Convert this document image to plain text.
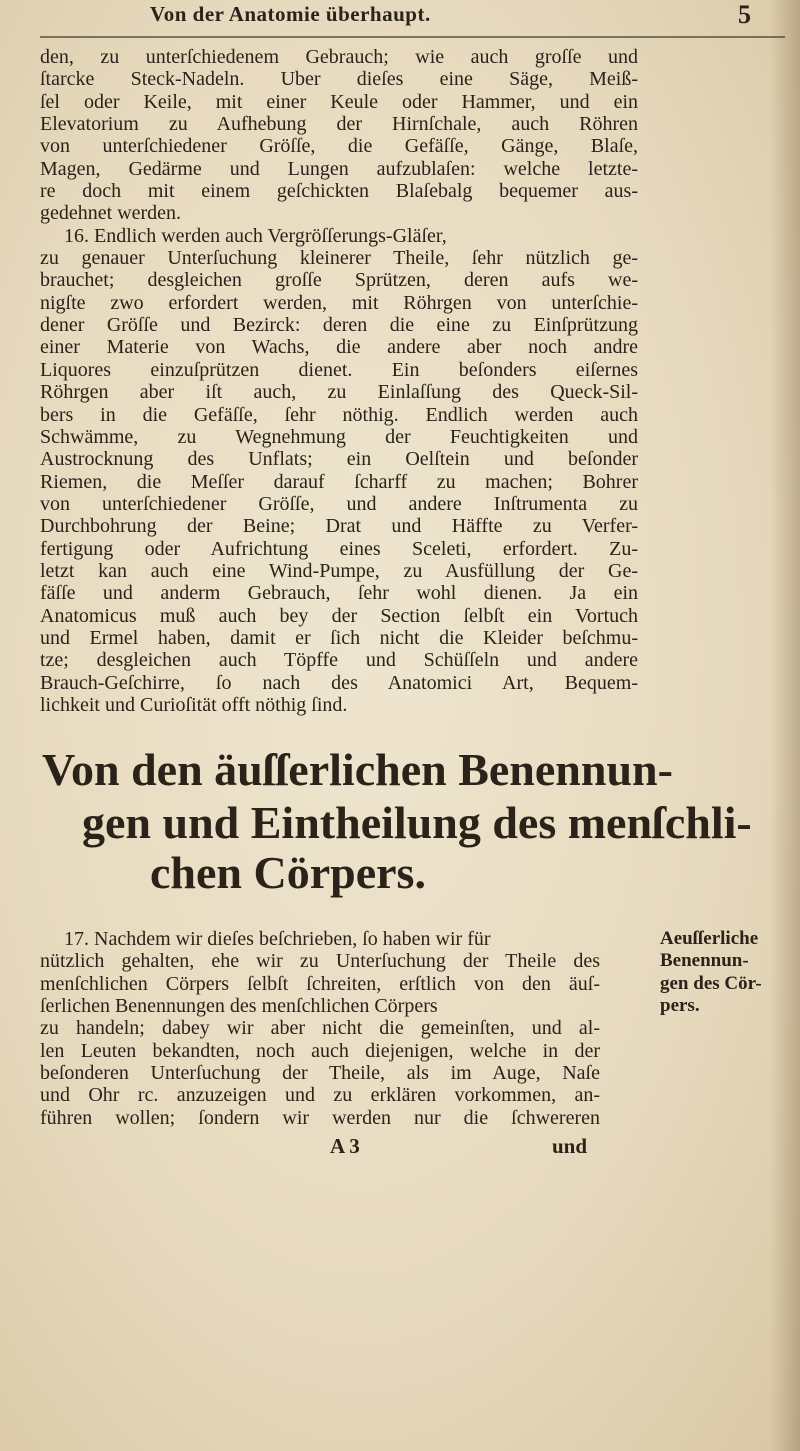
Von der Anatomie überhaupt.	5
den, zu unterſchiedenem Gebrauch; wie auch groſſe und
ſtarcke Steck-Nadeln. Uber dieſes eine Säge, Meiß-
ſel oder Keile, mit einer Keule oder Hammer, und ein
Elevatorium zu Aufhebung der Hirnſchale, auch Röhren
von unterſchiedener Gröſſe, die Gefäſſe, Gänge, Blaſe,
Magen, Gedärme und Lungen aufzublaſen: welche letzte-
re doch mit einem geſchickten Blaſebalg bequemer aus-
gedehnet werden.
16. Endlich werden auch Vergröſſerungs-Gläſer,
zu genauer Unterſuchung kleinerer Theile, ſehr nützlich ge-
brauchet; desgleichen groſſe Sprützen, deren aufs we-
nigſte zwo erfordert werden, mit Röhrgen von unterſchie-
dener Gröſſe und Bezirck: deren die eine zu Einſprützung
einer Materie von Wachs, die andere aber noch andre
Liquores einzuſprützen dienet. Ein beſonders eiſernes
Röhrgen aber iſt auch, zu Einlaſſung des Queck-Sil-
bers in die Gefäſſe, ſehr nöthig. Endlich werden auch
Schwämme, zu Wegnehmung der Feuchtigkeiten und
Austrocknung des Unflats; ein Oelſtein und beſonder
Riemen, die Meſſer darauf ſcharff zu machen; Bohrer
von unterſchiedener Gröſſe, und andere Inſtrumenta zu
Durchbohrung der Beine; Drat und Häffte zu Verfer-
fertigung oder Aufrichtung eines Sceleti, erfordert. Zu-
letzt kan auch eine Wind-Pumpe, zu Ausfüllung der Ge-
fäſſe und anderm Gebrauch, ſehr wohl dienen. Ja ein
Anatomicus muß auch bey der Section ſelbſt ein Vortuch
und Ermel haben, damit er ſich nicht die Kleider beſchmu-
tze; desgleichen auch Töpffe und Schüſſeln und andere
Brauch-Geſchirre, ſo nach des Anatomici Art, Bequem-
lichkeit und Curioſität offt nöthig ſind.
Von den äuſſerlichen Benennun-
gen und Eintheilung des menſchli-
chen Cörpers.
17. Nachdem wir dieſes beſchrieben, ſo haben wir für
nützlich gehalten, ehe wir zu Unterſuchung der Theile des
menſchlichen Cörpers ſelbſt ſchreiten, erſtlich von den äuſ-
ſerlichen Benennungen des menſchlichen Cörpers
zu handeln; dabey wir aber nicht die gemeinſten, und al-
len Leuten bekandten, noch auch diejenigen, welche in der
beſonderen Unterſuchung der Theile, als im Auge, Naſe
und Ohr rc. anzuzeigen und zu erklären vorkommen, an-
führen wollen; ſondern wir werden nur die ſchwereren
Aeuſſerliche
Benennun-
gen des Cör-
pers.
A 3	und
